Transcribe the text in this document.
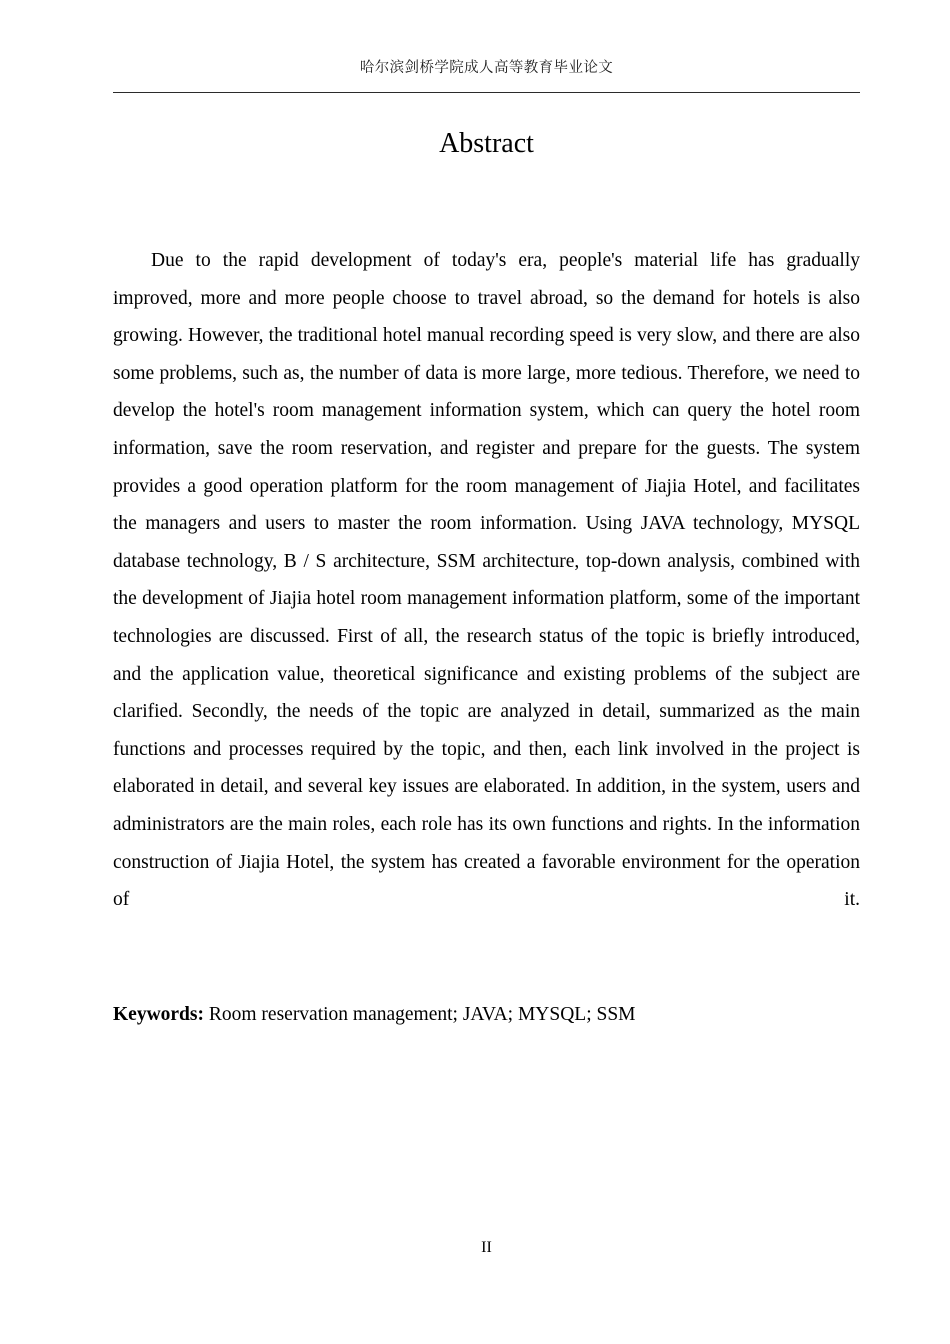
哈尔滨剑桥学院成人高等教育毕业论文
Abstract

Due to the rapid development of today's era, people's material life has gradually improved, more and more people choose to travel abroad, so the demand for hotels is also growing. However, the traditional hotel manual recording speed is very slow, and there are also some problems, such as, the number of data is more large, more tedious. Therefore, we need to develop the hotel's room management information system, which can query the hotel room information, save the room reservation, and register and prepare for the guests. The system provides a good operation platform for the room management of Jiajia Hotel, and facilitates the managers and users to master the room information. Using JAVA technology, MYSQL database technology, B / S architecture, SSM architecture, top-down analysis, combined with the development of Jiajia hotel room management information platform, some of the important technologies are discussed. First of all, the research status of the topic is briefly introduced, and the application value, theoretical significance and existing problems of the subject are clarified. Secondly, the needs of the topic are analyzed in detail, summarized as the main functions and processes required by the topic, and then, each link involved in the project is elaborated in detail, and several key issues are elaborated. In addition, in the system, users and administrators are the main roles, each role has its own functions and rights. In the information construction of Jiajia Hotel, the system has created a favorable environment for the operation of it.

Keywords: Room reservation management; JAVA; MYSQL; SSM

II
